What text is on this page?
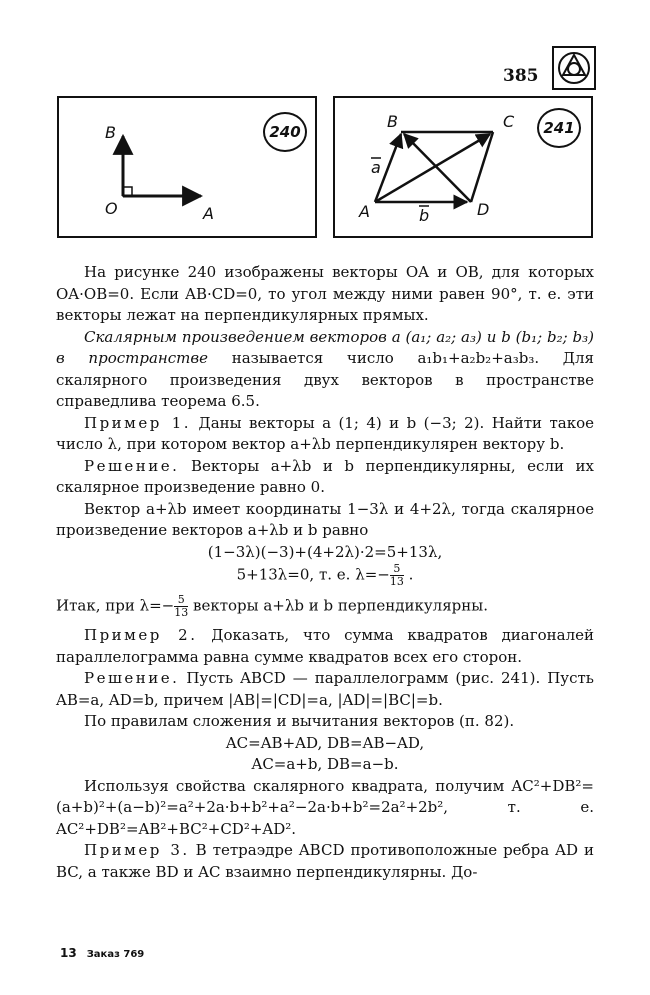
385
240
B
O	A
241
B	C
a
A	b	D

На рисунке 240 изображены векторы OA и OB, для которых OA·OB=0. Если AB·CD=0, то угол между ними равен 90°, т. е. эти векторы лежат на перпендикулярных прямых.

Скалярным произведением векторов a (a₁; a₂; a₃) и b (b₁; b₂; b₃) в пространстве называется число a₁b₁+a₂b₂+a₃b₃. Для скалярного произведения двух векторов в пространстве справедлива теорема 6.5.

Пример 1. Даны векторы a (1; 4) и b (−3; 2). Найти такое число λ, при котором вектор a+λb перпендикулярен вектору b.

Решение. Векторы a+λb и b перпендикулярны, если их скалярное произведение равно 0.

Вектор a+λb имеет координаты 1−3λ и 4+2λ, тогда скалярное произведение векторов a+λb и b равно

(1−3λ)(−3)+(4+2λ)·2=5+13λ,

5+13λ=0, т. е. $\lambda=- \frac{5}{13}$ .

Итак, при $\lambda=- \frac{5}{13}$ векторы a+λb и b перпендикулярны.

Пример 2. Доказать, что сумма квадратов диагоналей параллелограмма равна сумме квадратов всех его сторон.

Решение. Пусть ABCD — параллелограмм (рис. 241). Пусть AB=a, AD=b, причем |AB|=|CD|=a, |AD|=|BC|=b.

По правилам сложения и вычитания векторов (п. 82).

AC=AB+AD, DB=AB−AD,

AC=a+b, DB=a−b.

Используя свойства скалярного квадрата, получим AC²+DB²=(a+b)²+(a−b)²=a²+2a·b+b²+a²−2a·b+b²=2a²+2b², т. е. AC²+DB²=AB²+BC²+CD²+AD².

Пример 3. В тетраэдре ABCD противоположные ребра AD и BC, а также BD и AC взаимно перпендикулярны. До-

13 Заказ 769
